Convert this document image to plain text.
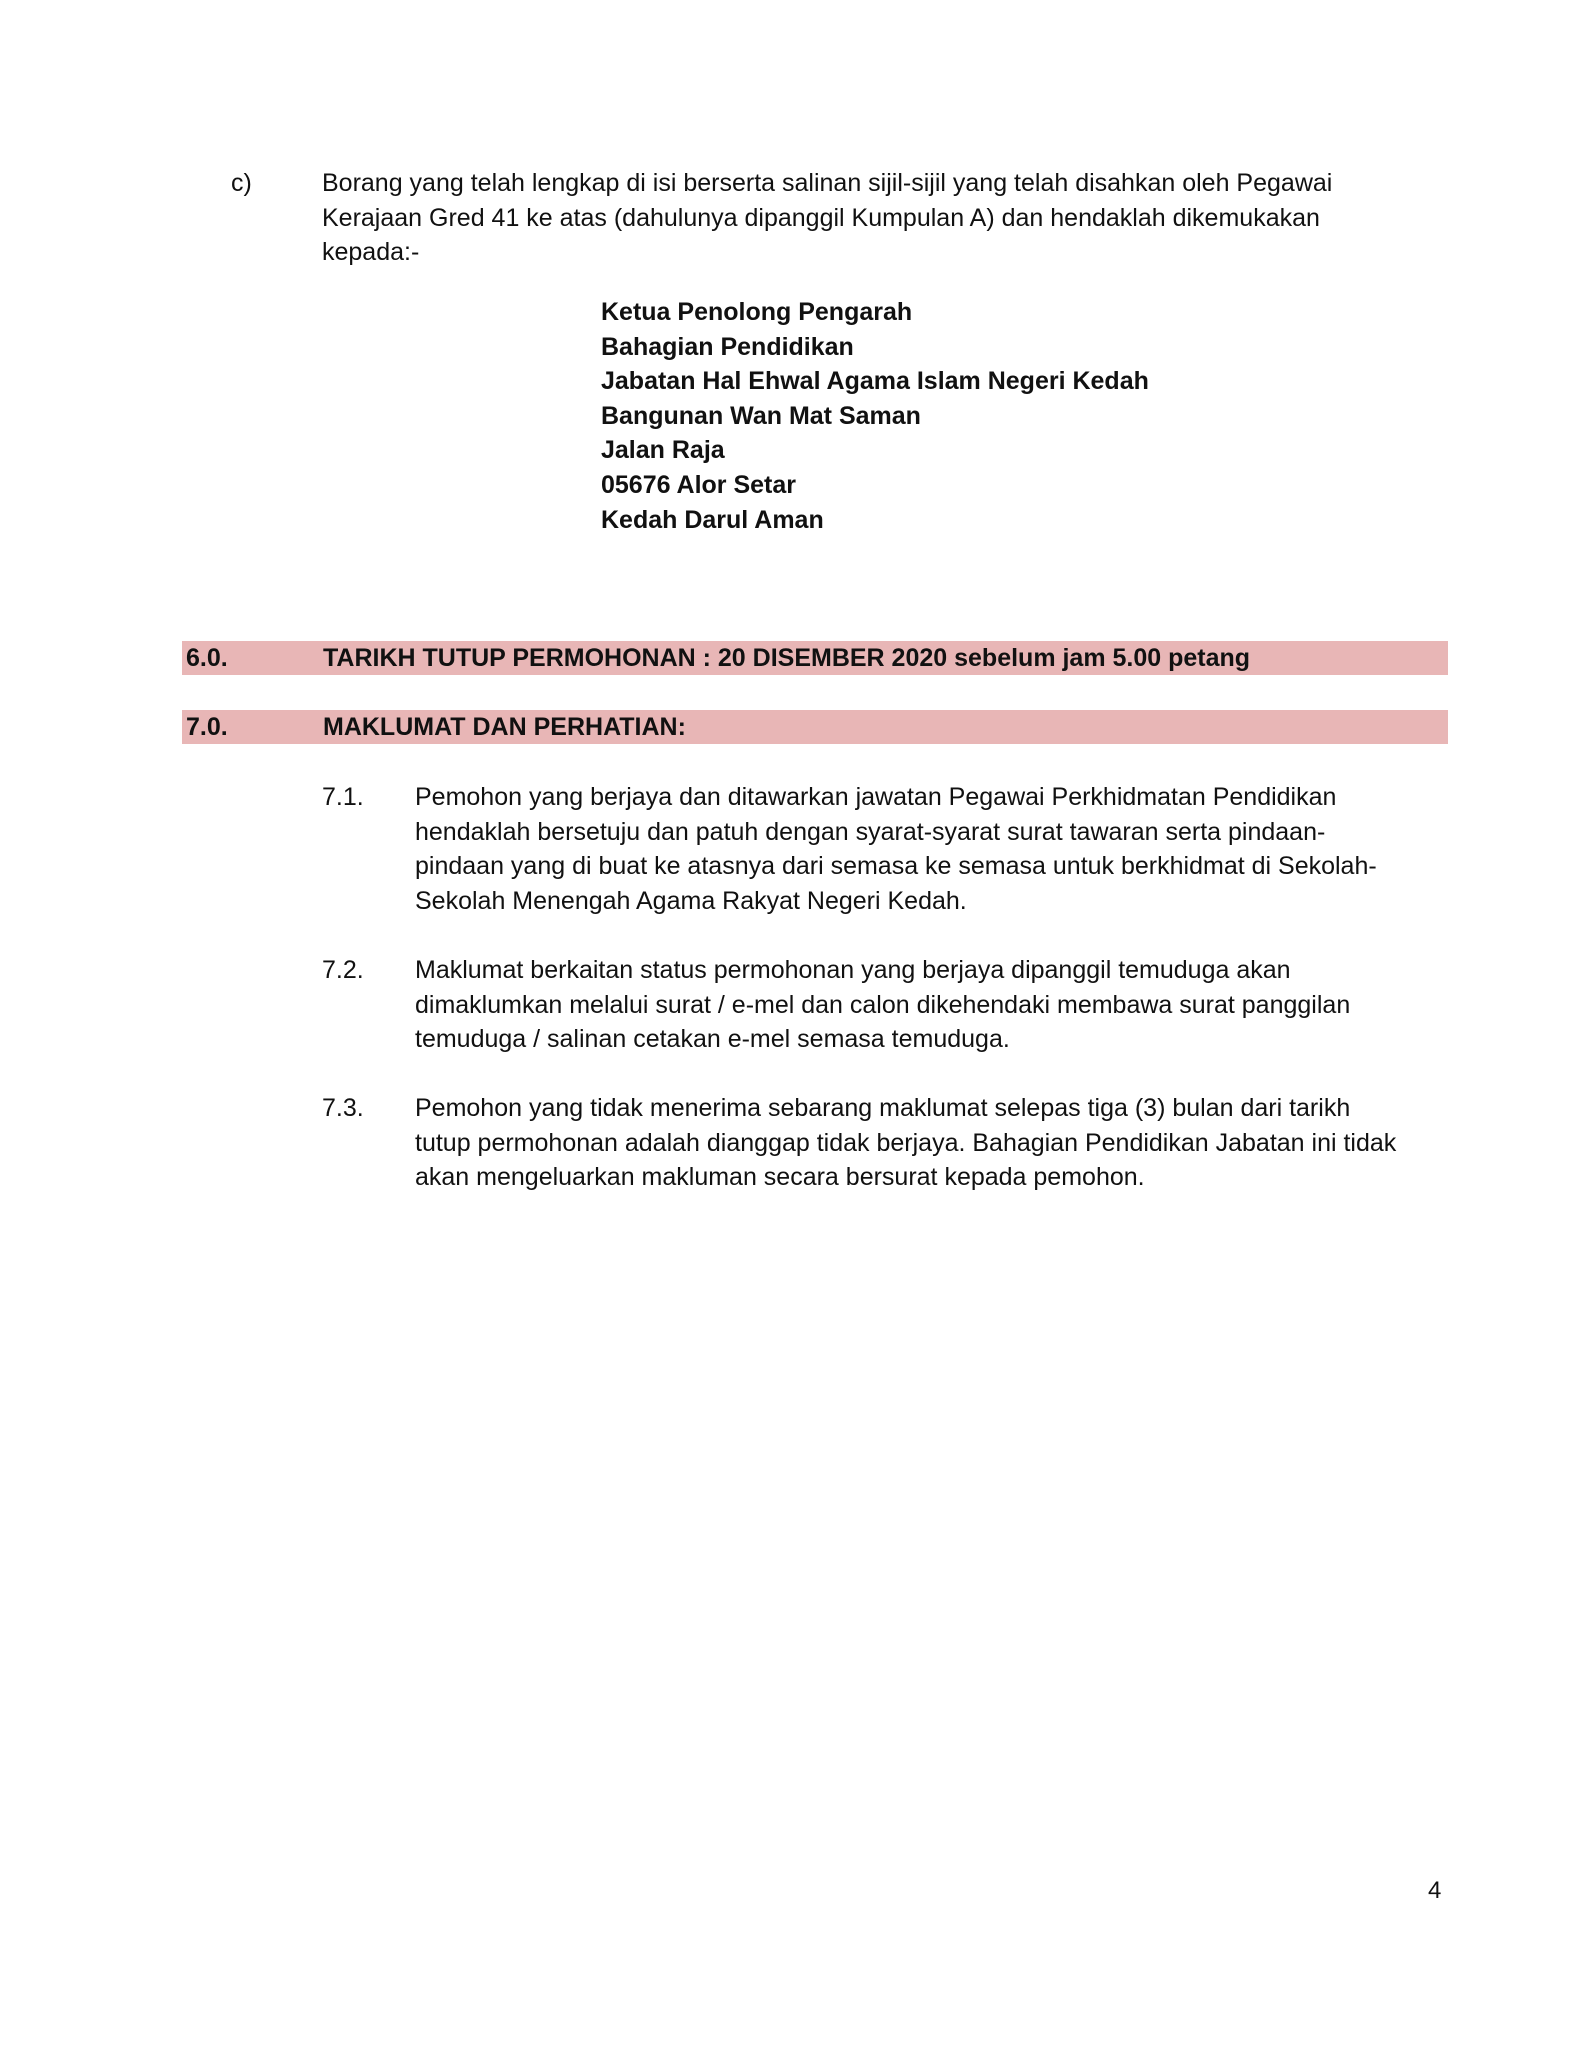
c)	Borang yang telah lengkap di isi berserta salinan sijil-sijil yang telah disahkan oleh Pegawai
Kerajaan Gred 41 ke atas (dahulunya dipanggil Kumpulan A) dan hendaklah dikemukakan
kepada:-
Ketua Penolong Pengarah
Bahagian Pendidikan
Jabatan Hal Ehwal Agama Islam Negeri Kedah
Bangunan Wan Mat Saman
Jalan Raja
05676 Alor Setar
Kedah Darul Aman
6.0.	TARIKH TUTUP PERMOHONAN : 20 DISEMBER 2020 sebelum jam 5.00 petang
7.0.	MAKLUMAT DAN PERHATIAN:
7.1. Pemohon yang berjaya dan ditawarkan jawatan Pegawai Perkhidmatan Pendidikan
hendaklah bersetuju dan patuh dengan syarat-syarat surat tawaran serta pindaan-
pindaan yang di buat ke atasnya dari semasa ke semasa untuk berkhidmat di Sekolah-
Sekolah Menengah Agama Rakyat Negeri Kedah.
7.2. Maklumat berkaitan status permohonan yang berjaya dipanggil temuduga akan
dimaklumkan melalui surat / e-mel dan calon dikehendaki membawa surat panggilan
temuduga / salinan cetakan e-mel semasa temuduga.
7.3. Pemohon yang tidak menerima sebarang maklumat selepas tiga (3) bulan dari tarikh
tutup permohonan adalah dianggap tidak berjaya. Bahagian Pendidikan Jabatan ini tidak
akan mengeluarkan makluman secara bersurat kepada pemohon.
4
